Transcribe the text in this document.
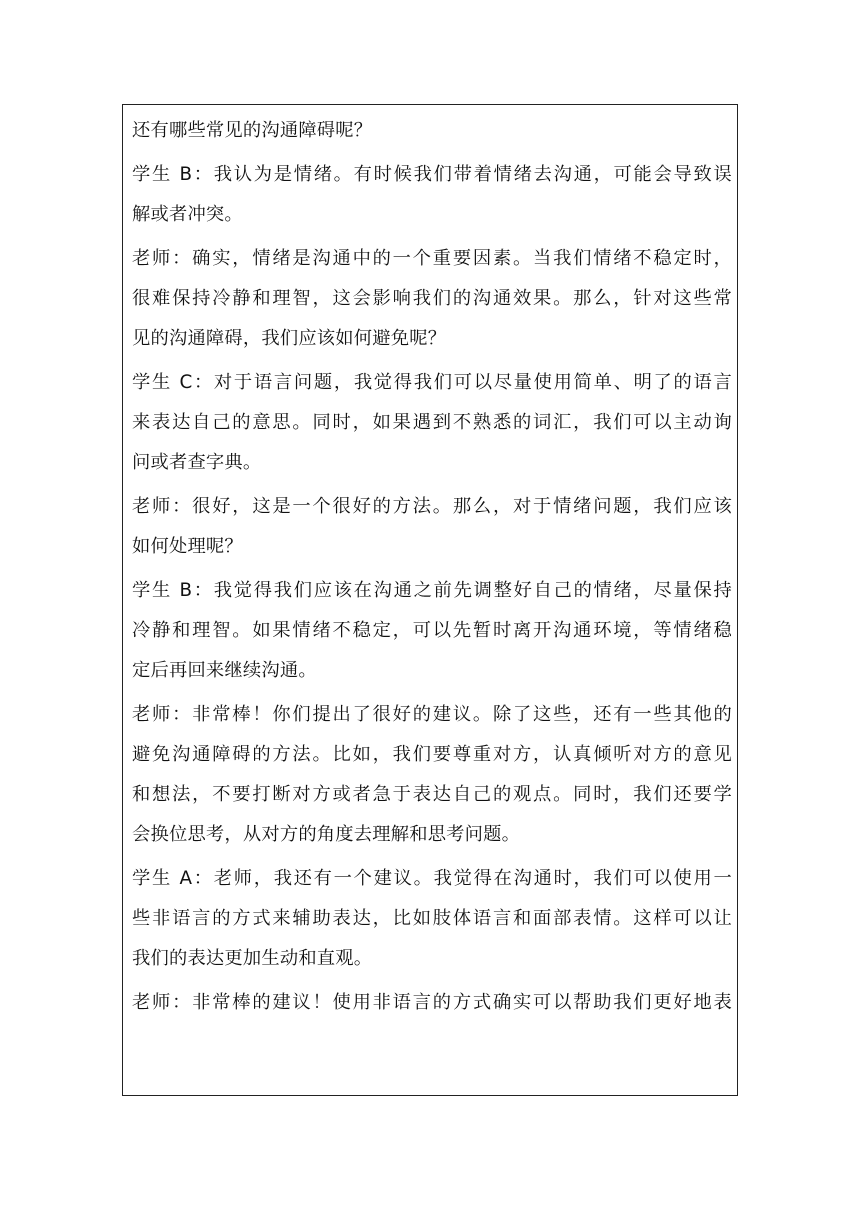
还有哪些常见的沟通障碍呢？

学生 B：我认为是情绪。有时候我们带着情绪去沟通，可能会导致误
解或者冲突。

老师：确实，情绪是沟通中的一个重要因素。当我们情绪不稳定时，
很难保持冷静和理智，这会影响我们的沟通效果。那么，针对这些常
见的沟通障碍，我们应该如何避免呢？

学生 C：对于语言问题，我觉得我们可以尽量使用简单、明了的语言
来表达自己的意思。同时，如果遇到不熟悉的词汇，我们可以主动询
问或者查字典。

老师：很好，这是一个很好的方法。那么，对于情绪问题，我们应该
如何处理呢？

学生 B：我觉得我们应该在沟通之前先调整好自己的情绪，尽量保持
冷静和理智。如果情绪不稳定，可以先暂时离开沟通环境，等情绪稳
定后再回来继续沟通。

老师：非常棒！你们提出了很好的建议。除了这些，还有一些其他的
避免沟通障碍的方法。比如，我们要尊重对方，认真倾听对方的意见
和想法，不要打断对方或者急于表达自己的观点。同时，我们还要学
会换位思考，从对方的角度去理解和思考问题。

学生 A：老师，我还有一个建议。我觉得在沟通时，我们可以使用一
些非语言的方式来辅助表达，比如肢体语言和面部表情。这样可以让
我们的表达更加生动和直观。

老师：非常棒的建议！使用非语言的方式确实可以帮助我们更好地表
